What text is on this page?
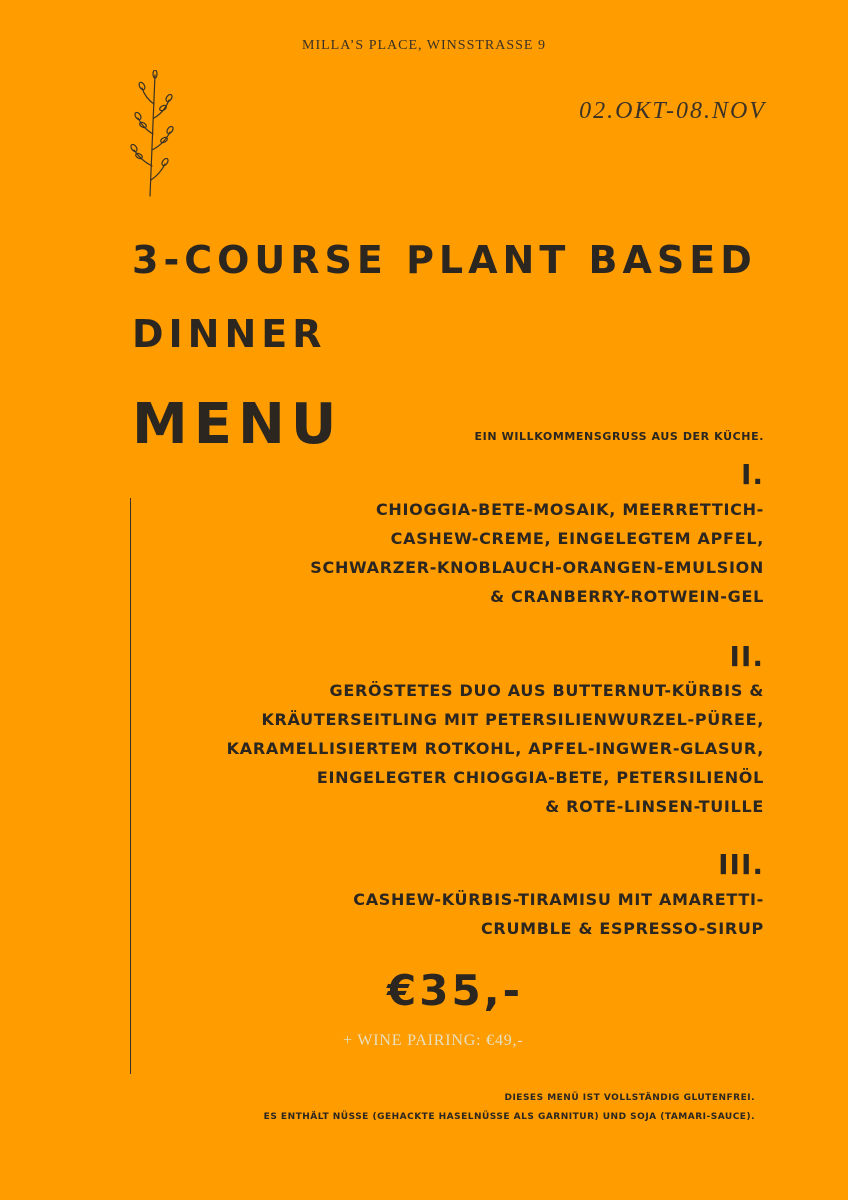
MILLA’S PLACE, WINSSTRASSE 9
02.OKT-08.NOV
3-COURSE PLANT BASED
DINNER
MENU	EIN WILLKOMMENSGRUSS AUS DER KÜCHE.
I.
CHIOGGIA-BETE-MOSAIK, MEERRETTICH-
CASHEW-CREME, EINGELEGTEM APFEL,
SCHWARZER-KNOBLAUCH-ORANGEN-EMULSION
& CRANBERRY-ROTWEIN-GEL
II.
GERÖSTETES DUO AUS BUTTERNUT-KÜRBIS &
KRÄUTERSEITLING MIT PETERSILIENWURZEL-PÜREE,
KARAMELLISIERTEM ROTKOHL, APFEL-INGWER-GLASUR,
EINGELEGTER CHIOGGIA-BETE, PETERSILIENÖL
& ROTE-LINSEN-TUILLE
III.
CASHEW-KÜRBIS-TIRAMISU MIT AMARETTI-
CRUMBLE & ESPRESSO-SIRUP
€35,-
+ WINE PAIRING: €49,-
DIESES MENÜ IST VOLLSTÄNDIG GLUTENFREI.
ES ENTHÄLT NÜSSE (GEHACKTE HASELNÜSSE ALS GARNITUR) UND SOJA (TAMARI-SAUCE).
